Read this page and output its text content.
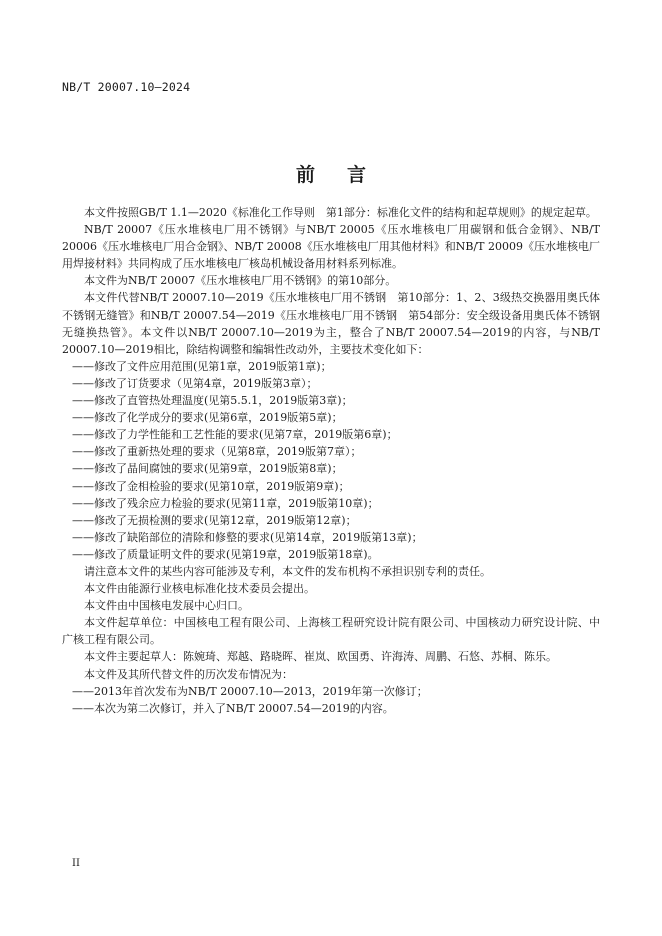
NB/T 20007.10—2024
前言

本文件按照GB/T 1.1—2020《标准化工作导则　第1部分：标准化文件的结构和起草规则》的规定起草。

NB/T 20007《压水堆核电厂用不锈钢》与NB/T 20005《压水堆核电厂用碳钢和低合金钢》、NB/T 20006《压水堆核电厂用合金钢》、NB/T 20008《压水堆核电厂用其他材料》和NB/T 20009《压水堆核电厂用焊接材料》共同构成了压水堆核电厂核岛机械设备用材料系列标准。

本文件为NB/T 20007《压水堆核电厂用不锈钢》的第10部分。

本文件代替NB/T 20007.10—2019《压水堆核电厂用不锈钢　第10部分：1、2、3级热交换器用奥氏体不锈钢无缝管》和NB/T 20007.54—2019《压水堆核电厂用不锈钢　第54部分：安全级设备用奥氏体不锈钢无缝换热管》。本文件以NB/T 20007.10—2019为主，整合了NB/T 20007.54—2019的内容，与NB/T 20007.10—2019相比，除结构调整和编辑性改动外，主要技术变化如下：

——修改了文件应用范围(见第1章，2019版第1章)；

——修改了订货要求（见第4章，2019版第3章）；

——修改了直管热处理温度(见第5.5.1，2019版第3章)；

——修改了化学成分的要求(见第6章，2019版第5章)；

——修改了力学性能和工艺性能的要求(见第7章，2019版第6章)；

——修改了重新热处理的要求（见第8章，2019版第7章）；

——修改了晶间腐蚀的要求(见第9章，2019版第8章)；

——修改了金相检验的要求(见第10章，2019版第9章)；

——修改了残余应力检验的要求(见第11章，2019版第10章)；

——修改了无损检测的要求(见第12章，2019版第12章)；

——修改了缺陷部位的清除和修整的要求(见第14章，2019版第13章)；

——修改了质量证明文件的要求(见第19章，2019版第18章)。

请注意本文件的某些内容可能涉及专利，本文件的发布机构不承担识别专利的责任。

本文件由能源行业核电标准化技术委员会提出。

本文件由中国核电发展中心归口。

本文件起草单位：中国核电工程有限公司、上海核工程研究设计院有限公司、中国核动力研究设计院、中广核工程有限公司。

本文件主要起草人：陈婉琦、郑越、路晓晖、崔岚、欧国勇、许海涛、周鹏、石悠、苏桐、陈乐。

本文件及其所代替文件的历次发布情况为：

——2013年首次发布为NB/T 20007.10—2013，2019年第一次修订；

——本次为第二次修订，并入了NB/T 20007.54—2019的内容。

II
